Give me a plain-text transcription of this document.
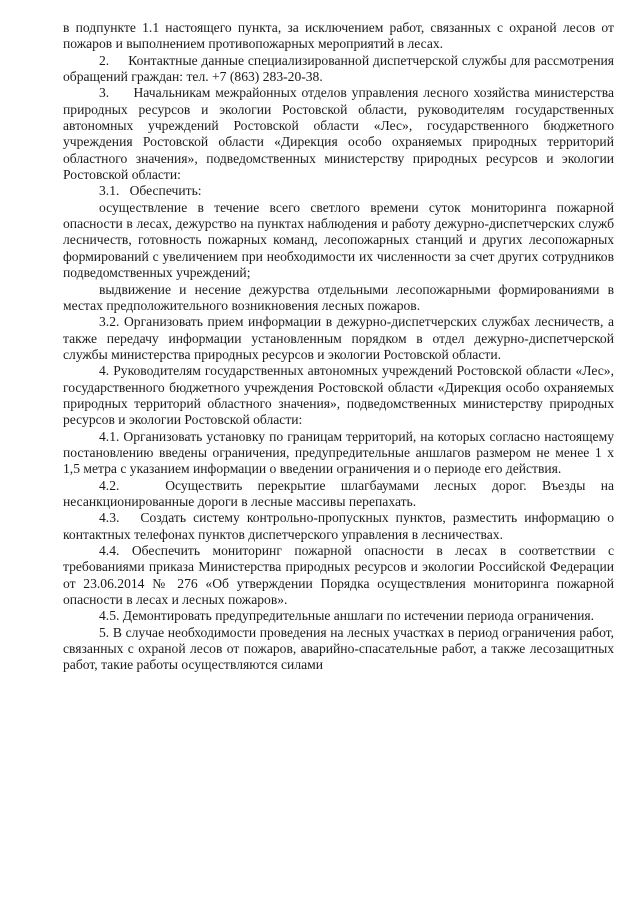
в подпункте 1.1 настоящего пункта, за исключением работ, связанных с охраной лесов от пожаров и выполнением противопожарных мероприятий в лесах.

2.     Контактные данные специализированной диспетчерской службы для рассмотрения обращений граждан: тел. +7 (863) 283-20-38.

3.     Начальникам межрайонных отделов управления лесного хозяйства министерства природных ресурсов и экологии Ростовской области, руководителям государственных автономных учреждений Ростовской области «Лес», государственного бюджетного учреждения Ростовской области «Дирекция особо охраняемых природных территорий областного значения», подведомственных министерству природных ресурсов и экологии Ростовской области:

3.1.   Обеспечить:

осуществление в течение всего светлого времени суток мониторинга пожарной опасности в лесах, дежурство на пунктах наблюдения и работу дежурно-диспетчерских служб лесничеств, готовность пожарных команд, лесопожарных станций и других лесопожарных формирований с увеличением при необходимости их численности за счет других сотрудников подведомственных учреждений;

выдвижение и несение дежурства отдельными лесопожарными формированиями в местах предположительного возникновения лесных пожаров.

3.2. Организовать прием информации в дежурно-диспетчерских службах лесничеств, а также передачу информации установленным порядком в отдел дежурно-диспетчерской службы министерства природных ресурсов и экологии Ростовской области.

4. Руководителям государственных автономных учреждений Ростовской области «Лес», государственного бюджетного учреждения Ростовской области «Дирекция особо охраняемых природных территорий областного значения», подведомственных министерству природных ресурсов и экологии Ростовской области:

4.1. Организовать установку по границам территорий, на которых согласно настоящему постановлению введены ограничения, предупредительные аншлагов размером не менее 1 х 1,5 метра с указанием информации о введении ограничения и о периоде его действия.

4.2.   Осуществить перекрытие шлагбаумами лесных дорог. Въезды на несанкционированные дороги в лесные массивы перепахать.

4.3.   Создать систему контрольно-пропускных пунктов, разместить информацию о контактных телефонах пунктов диспетчерского управления в лесничествах.

4.4. Обеспечить мониторинг пожарной опасности в лесах в соответствии с требованиями приказа Министерства природных ресурсов и экологии Российской Федерации от 23.06.2014 № 276 «Об утверждении Порядка осуществления мониторинга пожарной опасности в лесах и лесных пожаров».

4.5. Демонтировать предупредительные аншлаги по истечении периода ограничения.

5. В случае необходимости проведения на лесных участках в период ограничения работ, связанных с охраной лесов от пожаров, аварийно-спасательные работ, а также лесозащитных работ, такие работы осуществляются силами
